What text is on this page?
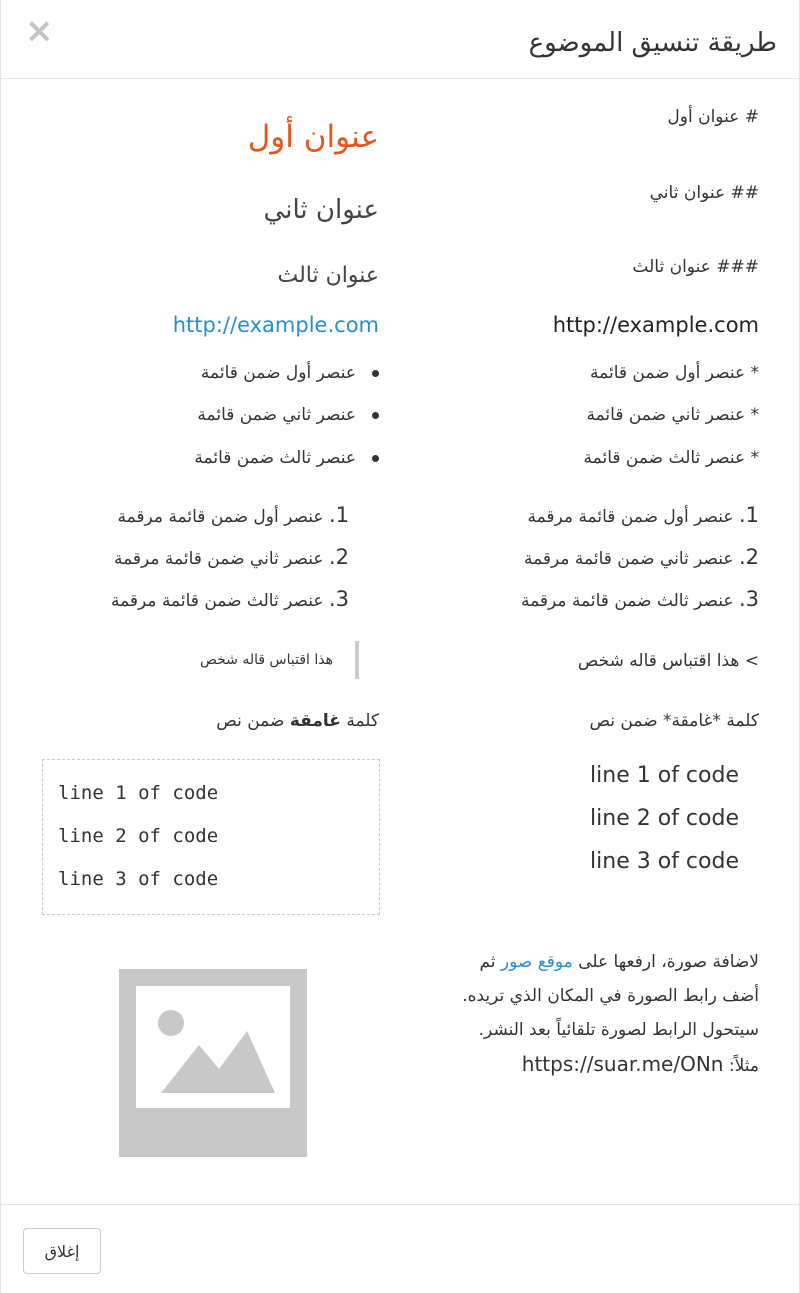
طريقة تنسيق الموضوع
×
# عنوان أول
عنوان أول
## عنوان ثاني
عنوان ثاني
### عنوان ثالث
عنوان ثالث
http://example.com
http://example.com
* عنصر أول ضمن قائمة
عنصر أول ضمن قائمة
* عنصر ثاني ضمن قائمة
عنصر ثاني ضمن قائمة
* عنصر ثالث ضمن قائمة
عنصر ثالث ضمن قائمة
1. عنصر أول ضمن قائمة مرقمة
1. عنصر أول ضمن قائمة مرقمة
2. عنصر ثاني ضمن قائمة مرقمة
2. عنصر ثاني ضمن قائمة مرقمة
3. عنصر ثالث ضمن قائمة مرقمة
3. عنصر ثالث ضمن قائمة مرقمة
> هذا اقتباس قاله شخص
هذا اقتباس قاله شخص
كلمة *غامقة* ضمن نص
كلمة غامقة ضمن نص
line 1 of code
line 2 of code
line 3 of code
line 1 of code
line 2 of code
line 3 of code
لاضافة صورة، ارفعها على موقع صور ثم
أضف رابط الصورة في المكان الذي تريده.
سيتحول الرابط لصورة تلقائياً بعد النشر.
مثلاً: https://suar.me/ONn
إغلاق
